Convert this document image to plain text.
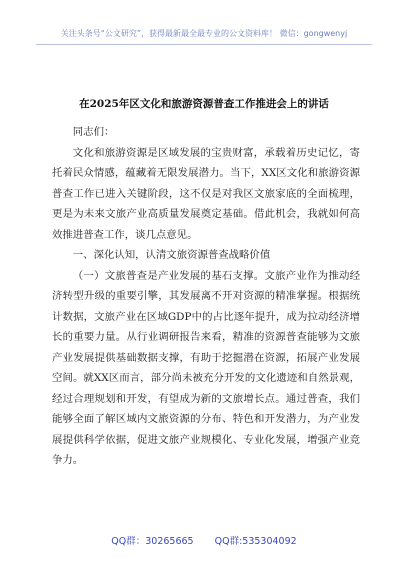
关注头条号“公文研究”，获得最新最全最专业的公文资料库！ 微信：gongwenyj
在2025年区文化和旅游资源普查工作推进会上的讲话

同志们：

文化和旅游资源是区域发展的宝贵财富，承载着历史记忆，寄托着民众情感，蕴藏着无限发展潜力。当下，XX区文化和旅游资源普查工作已进入关键阶段，这不仅是对我区文旅家底的全面梳理，更是为未来文旅产业高质量发展奠定基础。借此机会，我就如何高效推进普查工作，谈几点意见。

一、深化认知，认清文旅资源普查战略价值

（一）文旅普查是产业发展的基石支撑。文旅产业作为推动经济转型升级的重要引擎，其发展离不开对资源的精准掌握。根据统计数据，文旅产业在区域GDP中的占比逐年提升，成为拉动经济增长的重要力量。从行业调研报告来看，精准的资源普查能够为文旅产业发展提供基础数据支撑，有助于挖掘潜在资源，拓展产业发展空间。就XX区而言，部分尚未被充分开发的文化遗迹和自然景观，经过合理规划和开发，有望成为新的文旅增长点。通过普查，我们能够全面了解区域内文旅资源的分布、特色和开发潜力，为产业发展提供科学依据，促进文旅产业规模化、专业化发展，增强产业竞争力。

QQ群：30265665 QQ群:535304092
